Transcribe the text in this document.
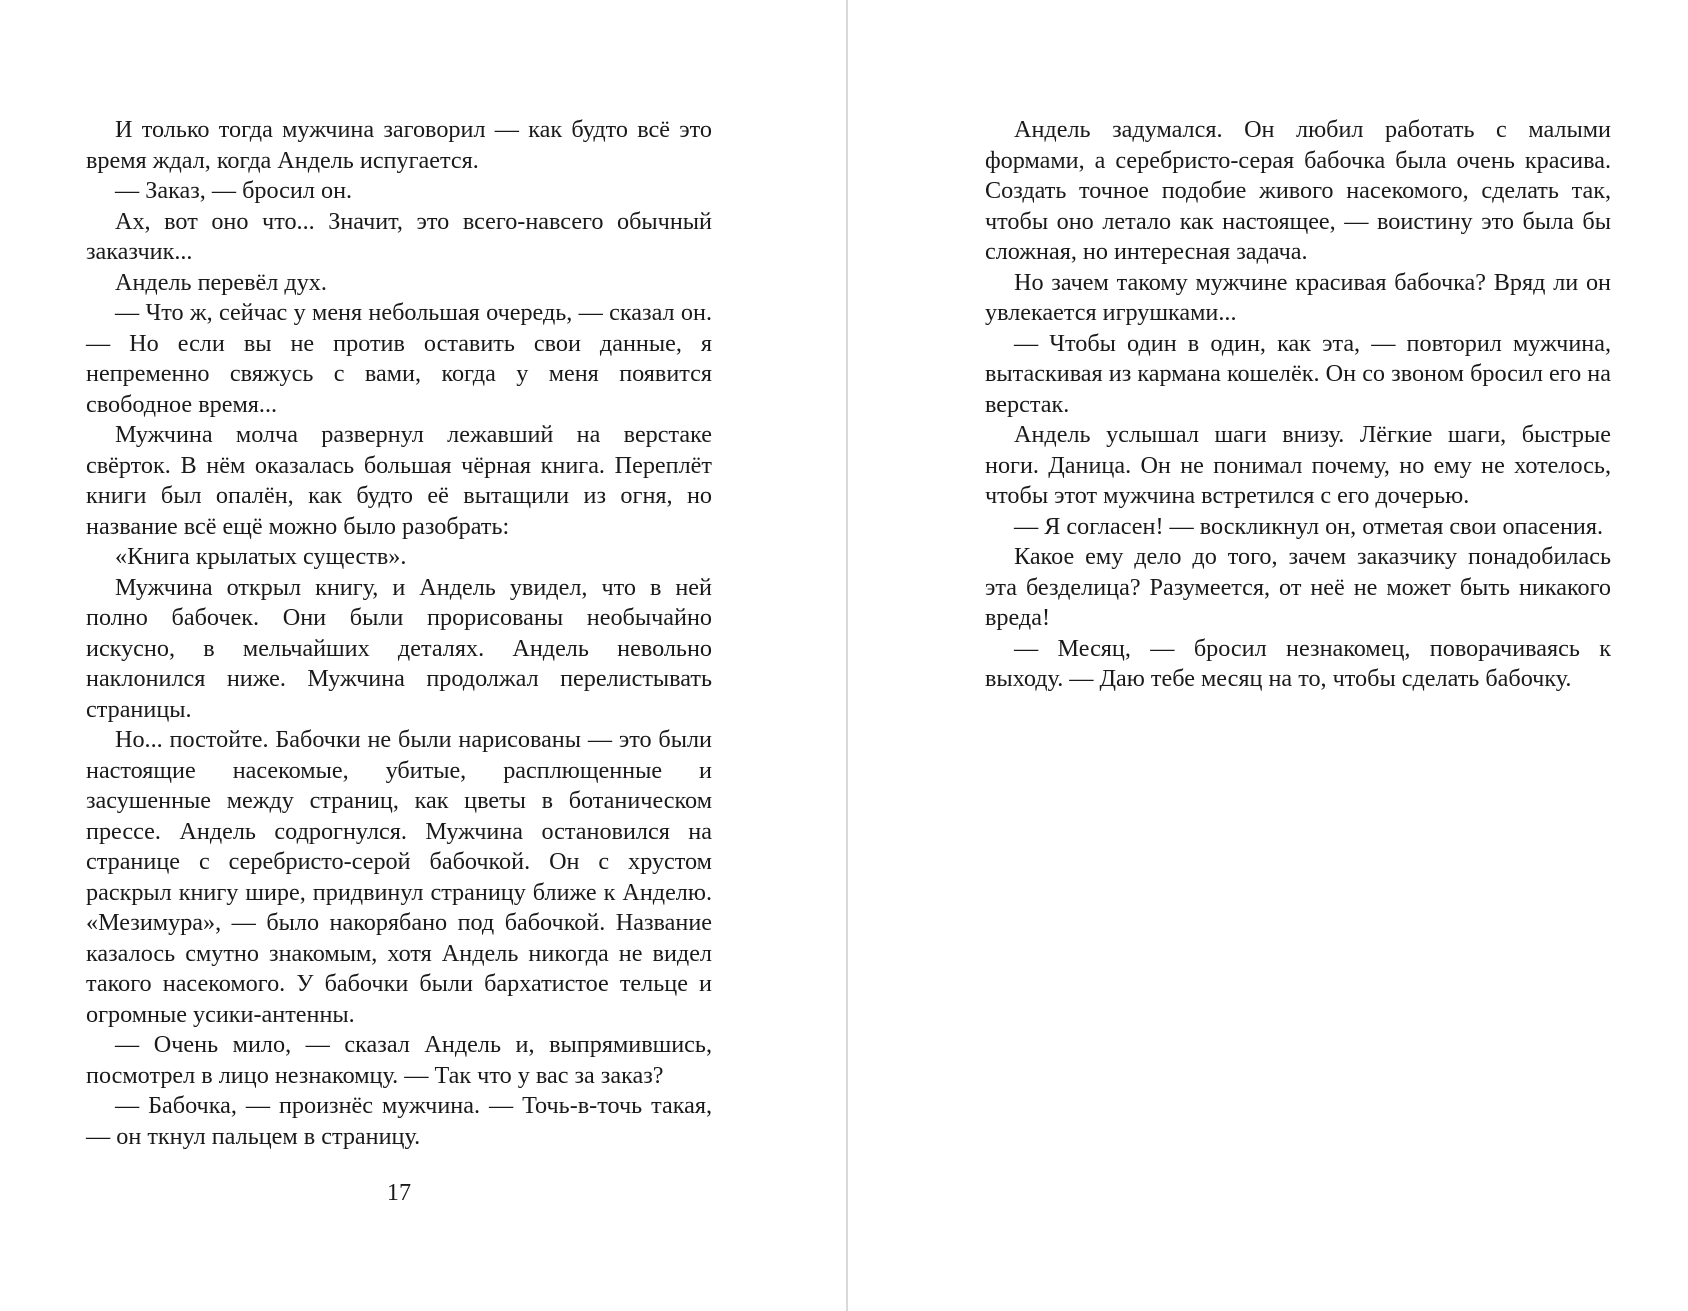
И только тогда мужчина заговорил — как будто всё это время ждал, когда Андель испугается.

— Заказ, — бросил он.

Ах, вот оно что... Значит, это всего-навсего обычный заказчик...

Андель перевёл дух.

— Что ж, сейчас у меня небольшая очередь, — сказал он. — Но если вы не против оставить свои данные, я непременно свяжусь с вами, когда у меня появится свободное время...

Мужчина молча развернул лежавший на верстаке свёрток. В нём оказалась большая чёрная книга. Переплёт книги был опалён, как будто её вытащили из огня, но название всё ещё можно было разобрать:

«Книга крылатых существ».

Мужчина открыл книгу, и Андель увидел, что в ней полно бабочек. Они были прорисованы необычайно искусно, в мельчайших деталях. Андель невольно наклонился ниже. Мужчина продолжал перелистывать страницы.

Но... постойте. Бабочки не были нарисованы — это были настоящие насекомые, убитые, расплющенные и засушенные между страниц, как цветы в ботаническом прессе. Андель содрогнулся. Мужчина остановился на странице с серебристо-серой бабочкой. Он с хрустом раскрыл книгу шире, придвинул страницу ближе к Анделю. «Мезимура», — было накорябано под бабочкой. Название казалось смутно знакомым, хотя Андель никогда не видел такого насекомого. У бабочки были бархатистое тельце и огромные усики-антенны.

— Очень мило, — сказал Андель и, выпрямившись, посмотрел в лицо незнакомцу. — Так что у вас за заказ?

— Бабочка, — произнёс мужчина. — Точь-в-точь такая, — он ткнул пальцем в страницу.

17

Андель задумался. Он любил работать с малыми формами, а серебристо-серая бабочка была очень красива. Создать точное подобие живого насекомого, сделать так, чтобы оно летало как настоящее, — воистину это была бы сложная, но интересная задача.

Но зачем такому мужчине красивая бабочка? Вряд ли он увлекается игрушками...

— Чтобы один в один, как эта, — повторил мужчина, вытаскивая из кармана кошелёк. Он со звоном бросил его на верстак.

Андель услышал шаги внизу. Лёгкие шаги, быстрые ноги. Даница. Он не понимал почему, но ему не хотелось, чтобы этот мужчина встретился с его дочерью.

— Я согласен! — воскликнул он, отметая свои опасения.

Какое ему дело до того, зачем заказчику понадобилась эта безделица? Разумеется, от неё не может быть никакого вреда!

— Месяц, — бросил незнакомец, поворачиваясь к выходу. — Даю тебе месяц на то, чтобы сделать бабочку.
